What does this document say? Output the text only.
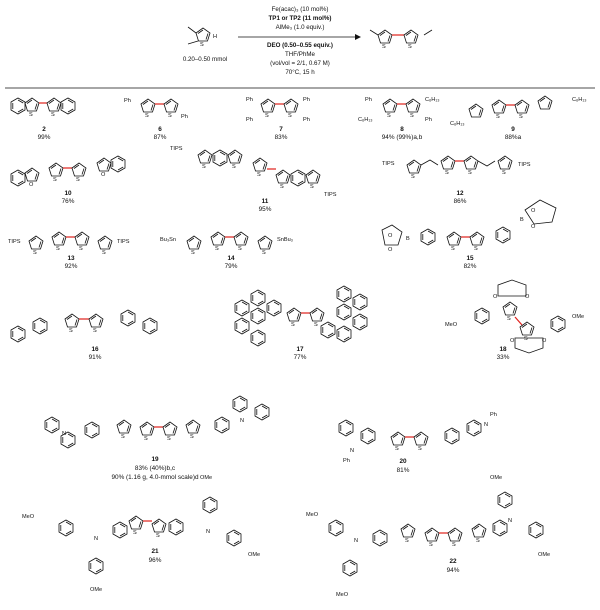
S
H
0.20–0.50 mmol
Fe(acac)₃ (10 mol%)
TP1 or TP2 (11 mol%)
AlMe₃ (1.0 equiv.)
DEO (0.50–0.55 equiv.)
THF/PhMe
(vol/vol = 2/1, 0.67 M)
70°C, 15 h
S	S
S	S
2
99%
Ph
Ph
S	S
6
87%
Ph
Ph
Ph
Ph
S	S
7
83%
Ph
C₆H₁₃
C₆H₁₃
Ph
S	S
8
94% (99%)a,b
C₆H₁₃
C₆H₁₃
S	S
9
88%a
O
S	S
O
10
76%
TIPS
TIPS
S	S
S
S	S
11
95%
TIPS	TIPS
S
S	S	S
12
86%
TIPS	TIPS
S
S	S
S
13
92%
Bu₃Sn	SnBu₃
S
S	S
S
14
79%
B
B
O
O
O
O
S	S
15
82%
S	S
16
91%
S	S
17
77%
O	O
O	O
MeO
OMe
S
S
18
33%
N
N
S	S	S	S
19
83% (40%)b,c
90% (1.16 g, 4.0-mmol scale)d
N
Ph
N
Ph
S	S
20
81%
MeO
N
OMe
N
OMe
OMe
S	S
21
96%
MeO
N
MeO
N
OMe
OMe
S
S	S
S
22
94%
